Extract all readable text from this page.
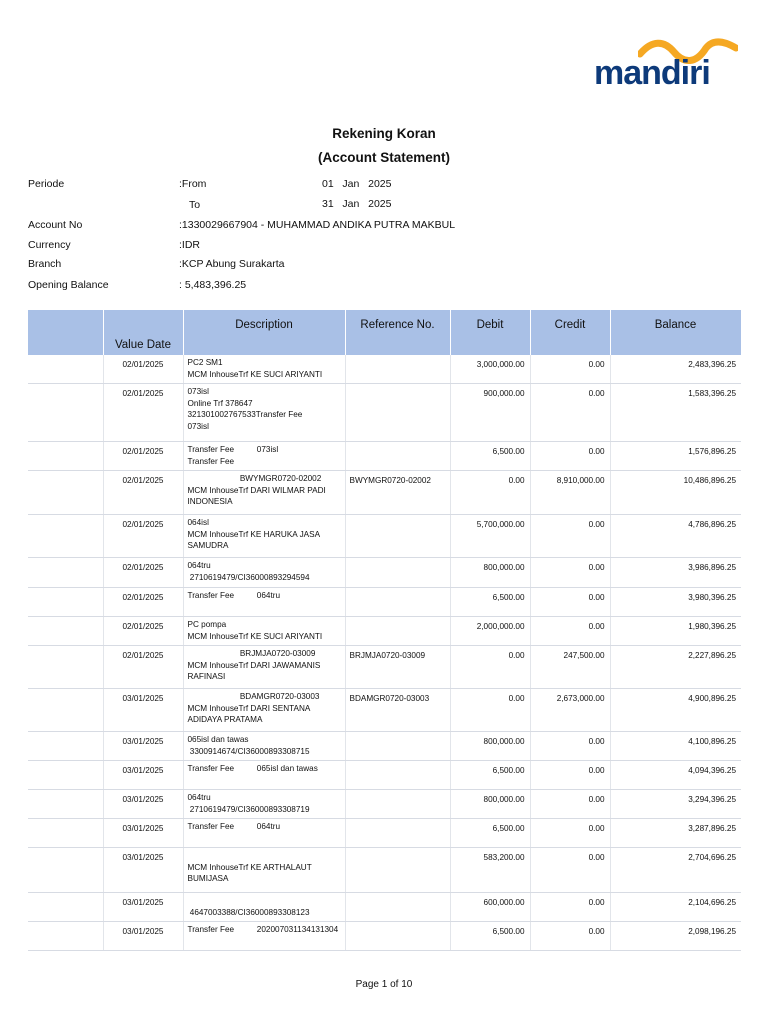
mandiri
Rekening Koran
(Account Statement)
Periode	:From	01   Jan   2025
To	31   Jan   2025
Account No	:1330029667904 - MUHAMMAD ANDIKA PUTRA MAKBUL
Currency	:IDR
Branch	:KCP Abung Surakarta
Opening Balance	: 5,483,396.25
	Value Date	Description	Reference No.	Debit	Credit	Balance
	02/01/2025	PC2 SM1
MCM InhouseTrf KE SUCI ARIYANTI		3,000,000.00	0.00	2,483,396.25
	02/01/2025	073isl
Online Trf 378647
321301002767533Transfer Fee
073isl		900,000.00	0.00	1,583,396.25
	02/01/2025	Transfer Fee          073isl
Transfer Fee		6,500.00	0.00	1,576,896.25
	02/01/2025	BWYMGR0720-02002
MCM InhouseTrf DARI WILMAR PADI
INDONESIA	BWYMGR0720-02002	0.00	8,910,000.00	10,486,896.25
	02/01/2025	064isl
MCM InhouseTrf KE HARUKA JASA
SAMUDRA		5,700,000.00	0.00	4,786,896.25
	02/01/2025	064tru
2710619479/CI36000893294594		800,000.00	0.00	3,986,896.25
	02/01/2025	Transfer Fee          064tru		6,500.00	0.00	3,980,396.25
	02/01/2025	PC pompa
MCM InhouseTrf KE SUCI ARIYANTI		2,000,000.00	0.00	1,980,396.25
	02/01/2025	BRJMJA0720-03009
MCM InhouseTrf DARI JAWAMANIS
RAFINASI	BRJMJA0720-03009	0.00	247,500.00	2,227,896.25
	03/01/2025	BDAMGR0720-03003
MCM InhouseTrf DARI SENTANA
ADIDAYA PRATAMA	BDAMGR0720-03003	0.00	2,673,000.00	4,900,896.25
	03/01/2025	065isl dan tawas
3300914674/CI36000893308715		800,000.00	0.00	4,100,896.25
	03/01/2025	Transfer Fee          065isl dan tawas		6,500.00	0.00	4,094,396.25
	03/01/2025	064tru
2710619479/CI36000893308719		800,000.00	0.00	3,294,396.25
	03/01/2025	Transfer Fee          064tru		6,500.00	0.00	3,287,896.25
	03/01/2025	MCM InhouseTrf KE ARTHALAUT
BUMIJASA		583,200.00	0.00	2,704,696.25
	03/01/2025	4647003388/CI36000893308123		600,000.00	0.00	2,104,696.25
	03/01/2025	Transfer Fee          202007031134131304		6,500.00	0.00	2,098,196.25
Page 1 of 10
